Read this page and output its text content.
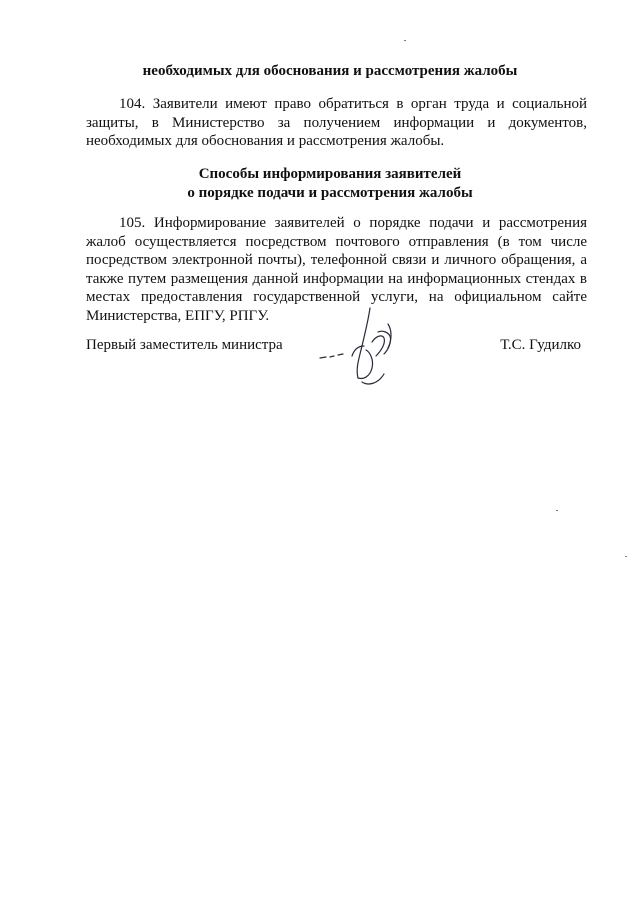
необходимых для обоснования и рассмотрения жалобы

104. Заявители имеют право обратиться в орган труда и социальной защиты, в Министерство за получением информации и документов, необходимых для обоснования и рассмотрения жалобы.

Способы информирования заявителей
о порядке подачи и рассмотрения жалобы

105. Информирование заявителей о порядке подачи и рассмотрения жалоб осуществляется посредством почтового отправления (в том числе посредством электронной почты), телефонной связи и личного обращения, а также путем размещения данной информации на информационных стендах в местах предоставления государственной услуги, на официальном сайте Министерства, ЕПГУ, РПГУ.

Первый заместитель министра	Т.С. Гудилко
